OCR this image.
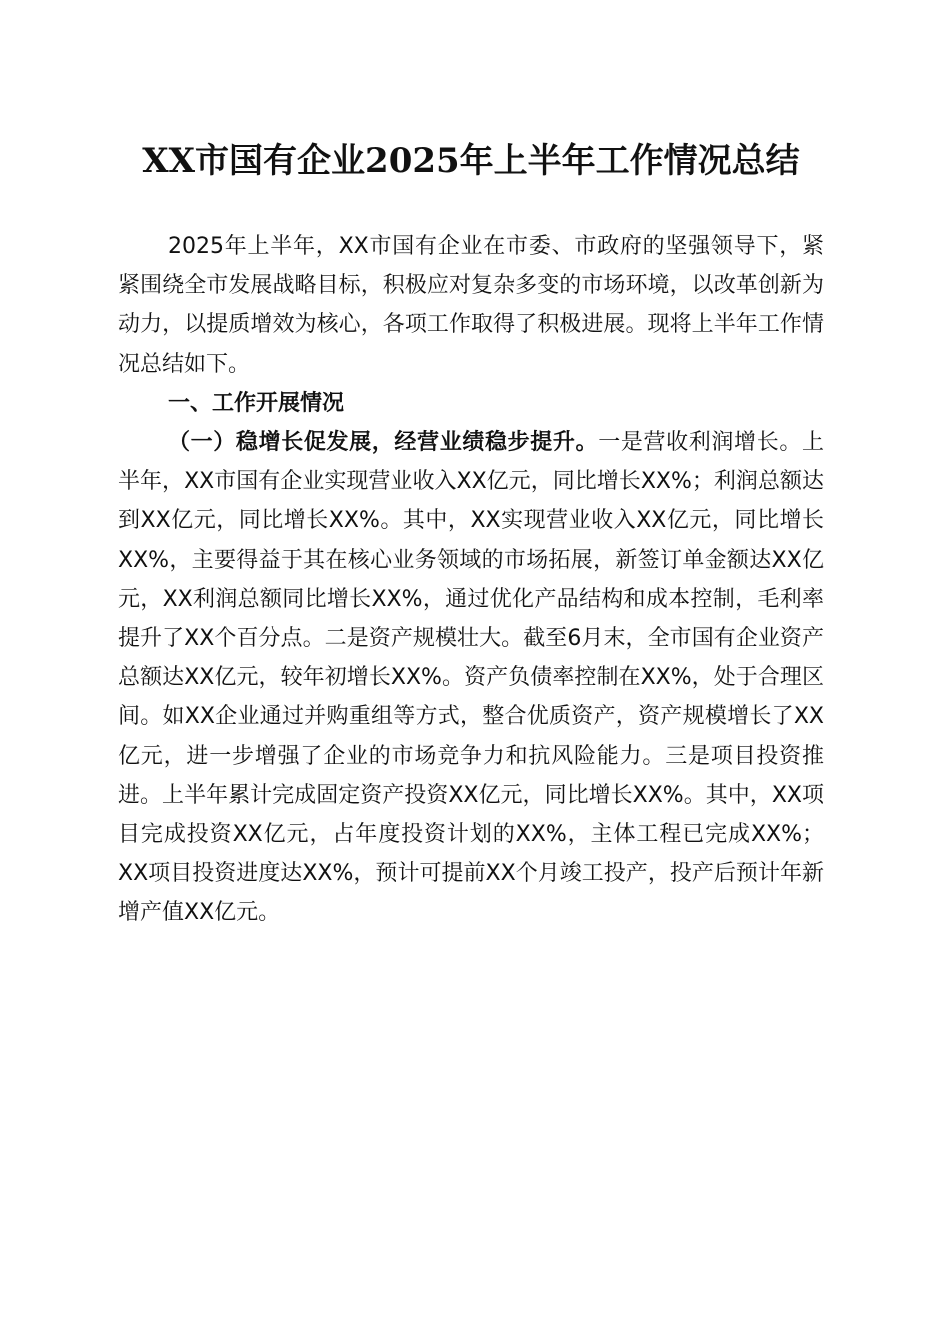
XX市国有企业2025年上半年工作情况总结

2025年上半年，XX市国有企业在市委、市政府的坚强领导下，紧紧围绕全市发展战略目标，积极应对复杂多变的市场环境，以改革创新为动力，以提质增效为核心，各项工作取得了积极进展。现将上半年工作情况总结如下。

一、工作开展情况

（一）稳增长促发展，经营业绩稳步提升。一是营收利润增长。上半年，XX市国有企业实现营业收入XX亿元，同比增长XX%；利润总额达到XX亿元，同比增长XX%。其中，XX实现营业收入XX亿元，同比增长XX%，主要得益于其在核心业务领域的市场拓展，新签订单金额达XX亿元，XX利润总额同比增长XX%，通过优化产品结构和成本控制，毛利率提升了XX个百分点。二是资产规模壮大。截至6月末，全市国有企业资产总额达XX亿元，较年初增长XX%。资产负债率控制在XX%，处于合理区间。如XX企业通过并购重组等方式，整合优质资产，资产规模增长了XX亿元，进一步增强了企业的市场竞争力和抗风险能力。三是项目投资推进。上半年累计完成固定资产投资XX亿元，同比增长XX%。其中，XX项目完成投资XX亿元，占年度投资计划的XX%，主体工程已完成XX%；XX项目投资进度达XX%，预计可提前XX个月竣工投产，投产后预计年新增产值XX亿元。
